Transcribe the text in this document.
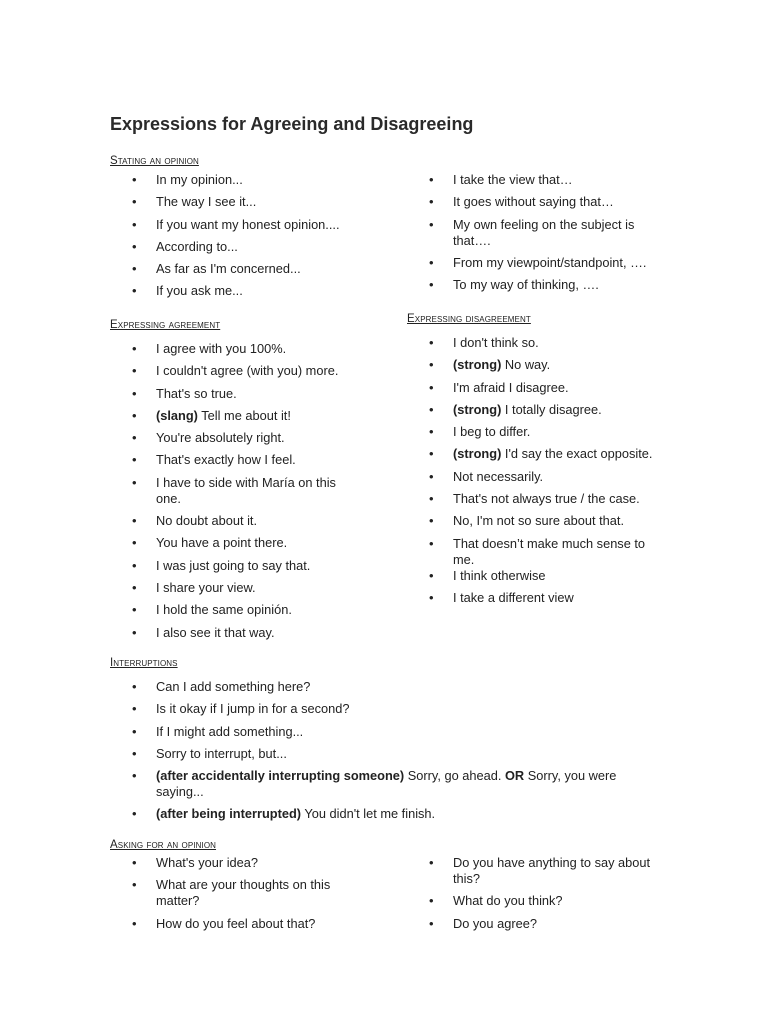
Expressions for Agreeing and Disagreeing

Stating an opinion

• In my opinion...
• The way I see it...
• If you want my honest opinion....
• According to...
• As far as I'm concerned...
• If you ask me...
• I take the view that…
• It goes without saying that…
• My own feeling on the subject is that….
• From my viewpoint/standpoint, ….
• To my way of thinking, ….

Expressing agreement

• I agree with you 100%.
• I couldn't agree (with you) more.
• That's so true.
• (slang) Tell me about it!
• You're absolutely right.
• That's exactly how I feel.
• I have to side with María on this one.
• No doubt about it.
• You have a point there.
• I was just going to say that.
• I share your view.
• I hold the same opinión.
• I also see it that way.

Expressing disagreement

• I don't think so.
• (strong) No way.
• I'm afraid I disagree.
• (strong) I totally disagree.
• I beg to differ.
• (strong) I'd say the exact opposite.
• Not necessarily.
• That's not always true / the case.
• No, I'm not so sure about that.
• That doesn’t make much sense to me.
• I think otherwise
• I take a different view

Interruptions

• Can I add something here?
• Is it okay if I jump in for a second?
• If I might add something...
• Sorry to interrupt, but...
• (after accidentally interrupting someone) Sorry, go ahead. OR Sorry, you were saying...
• (after being interrupted) You didn't let me finish.

Asking for an opinion

• What's your idea?
• What are your thoughts on this matter?
• How do you feel about that?
• Do you have anything to say about this?
• What do you think?
• Do you agree?
